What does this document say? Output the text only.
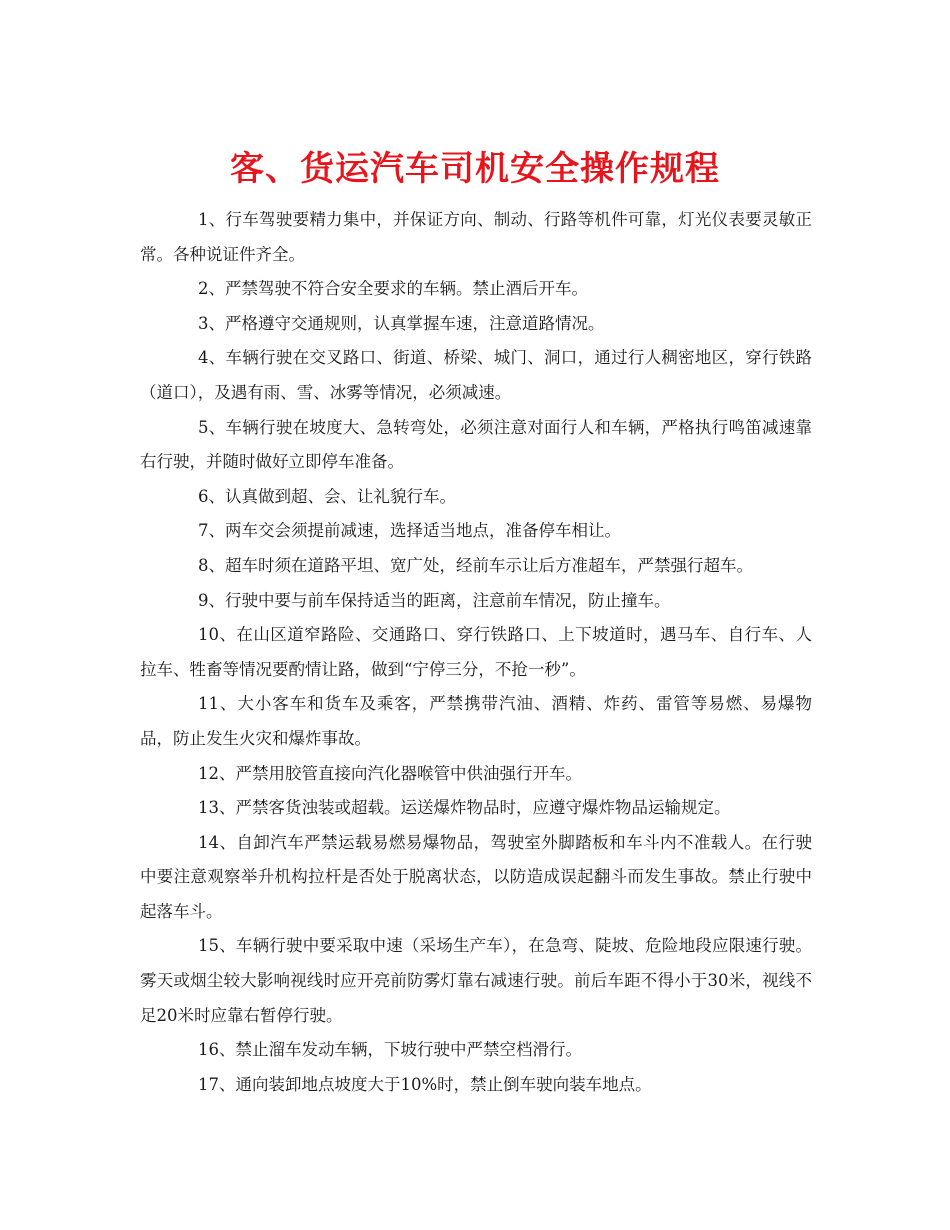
客、货运汽车司机安全操作规程

1、行车驾驶要精力集中，并保证方向、制动、行路等机件可靠，灯光仪表要灵敏正常。各种说证件齐全。

2、严禁驾驶不符合安全要求的车辆。禁止酒后开车。

3、严格遵守交通规则，认真掌握车速，注意道路情况。

4、车辆行驶在交叉路口、街道、桥梁、城门、洞口，通过行人稠密地区，穿行铁路（道口），及遇有雨、雪、冰雾等情况，必须减速。

5、车辆行驶在坡度大、急转弯处，必须注意对面行人和车辆，严格执行鸣笛减速靠右行驶，并随时做好立即停车准备。

6、认真做到超、会、让礼貌行车。

7、两车交会须提前减速，选择适当地点，准备停车相让。

8、超车时须在道路平坦、宽广处，经前车示让后方准超车，严禁强行超车。

9、行驶中要与前车保持适当的距离，注意前车情况，防止撞车。

10、在山区道窄路险、交通路口、穿行铁路口、上下坡道时，遇马车、自行车、人拉车、牲畜等情况要酌情让路，做到“宁停三分，不抢一秒”。

11、大小客车和货车及乘客，严禁携带汽油、酒精、炸药、雷管等易燃、易爆物品，防止发生火灾和爆炸事故。

12、严禁用胶管直接向汽化器喉管中供油强行开车。

13、严禁客货浊装或超载。运送爆炸物品时，应遵守爆炸物品运输规定。

14、自卸汽车严禁运载易燃易爆物品，驾驶室外脚踏板和车斗内不准载人。在行驶中要注意观察举升机构拉杆是否处于脱离状态，以防造成误起翻斗而发生事故。禁止行驶中起落车斗。

15、车辆行驶中要采取中速（采场生产车），在急弯、陡坡、危险地段应限速行驶。雾天或烟尘较大影响视线时应开亮前防雾灯靠右减速行驶。前后车距不得小于30米，视线不足20米时应靠右暂停行驶。

16、禁止溜车发动车辆，下坡行驶中严禁空档滑行。

17、通向装卸地点坡度大于10%时，禁止倒车驶向装车地点。
